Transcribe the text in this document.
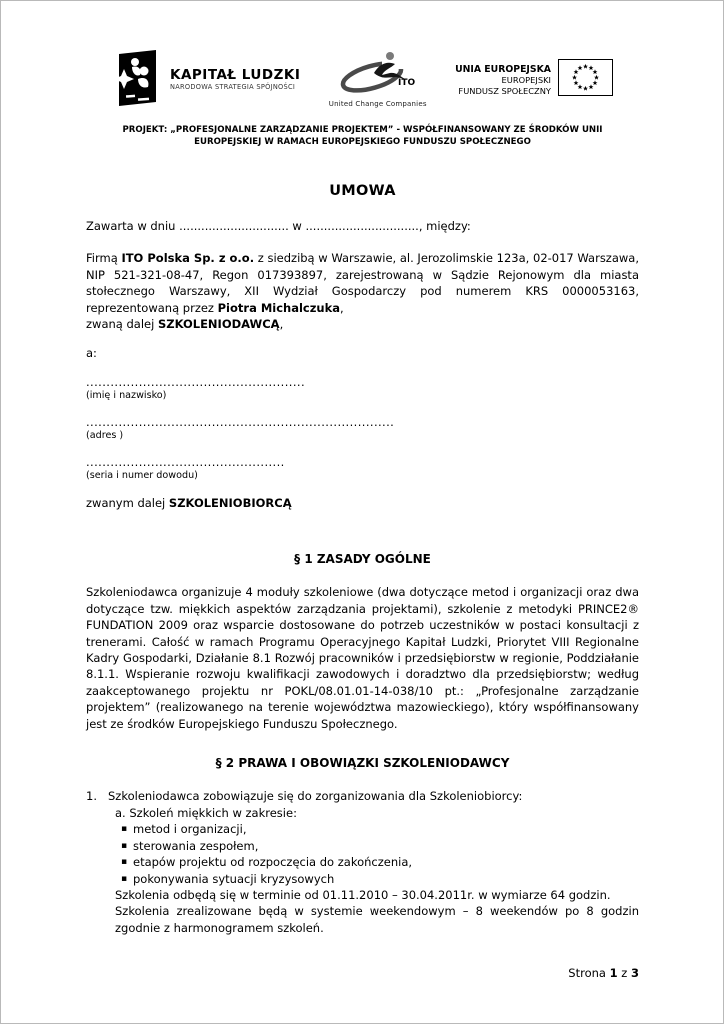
KAPITAŁ LUDZKI
NARODOWA STRATEGIA SPÓJNOŚCI	ITO
United Change Companies
UNIA EUROPEJSKA
EUROPEJSKI
FUNDUSZ SPOŁECZNY
PROJEKT: „PROFESJONALNE ZARZĄDZANIE PROJEKTEM” - WSPÓŁFINANSOWANY ZE ŚRODKÓW UNII EUROPEJSKIEJ W RAMACH EUROPEJSKIEGO FUNDUSZU SPOŁECZNEGO
UMOWA
Zawarta w dniu .............................. w ..............................., między:
Firmą ITO Polska Sp. z o.o. z siedzibą w Warszawie, al. Jerozolimskie 123a, 02-017 Warszawa, NIP 521-321-08-47, Regon 017393897, zarejestrowaną w Sądzie Rejonowym dla miasta stołecznego Warszawy, XII Wydział Gospodarczy pod numerem KRS 0000053163, reprezentowaną przez Piotra Michalczuka,
zwaną dalej SZKOLENIODAWCĄ,
a:
......................................................
(imię i nazwisko)
............................................................................
(adres )
.................................................
(seria i numer dowodu)
zwanym dalej SZKOLENIOBIORCĄ
§ 1 ZASADY OGÓLNE
Szkoleniodawca organizuje 4 moduły szkoleniowe (dwa dotyczące metod i organizacji oraz dwa dotyczące tzw. miękkich aspektów zarządzania projektami), szkolenie z metodyki PRINCE2® FUNDATION 2009 oraz wsparcie dostosowane do potrzeb uczestników w postaci konsultacji z trenerami. Całość w ramach Programu Operacyjnego Kapitał Ludzki, Priorytet VIII Regionalne Kadry Gospodarki, Działanie 8.1 Rozwój pracowników i przedsiębiorstw w regionie, Poddziałanie 8.1.1. Wspieranie rozwoju kwalifikacji zawodowych i doradztwo dla przedsiębiorstw; według zaakceptowanego projektu nr POKL/08.01.01-14-038/10 pt.: „Profesjonalne zarządzanie projektem” (realizowanego na terenie województwa mazowieckiego), który współfinansowany jest ze środków Europejskiego Funduszu Społecznego.
§ 2 PRAWA I OBOWIĄZKI SZKOLENIODAWCY
1. Szkoleniodawca zobowiązuje się do zorganizowania dla Szkoleniobiorcy:
a. Szkoleń miękkich w zakresie:
▪ metod i organizacji,
▪ sterowania zespołem,
▪ etapów projektu od rozpoczęcia do zakończenia,
▪ pokonywania sytuacji kryzysowych
Szkolenia odbędą się w terminie od 01.11.2010 – 30.04.2011r. w wymiarze 64 godzin.
Szkolenia zrealizowane będą w systemie weekendowym – 8 weekendów po 8 godzin zgodnie z harmonogramem szkoleń.
Strona 1 z 3
